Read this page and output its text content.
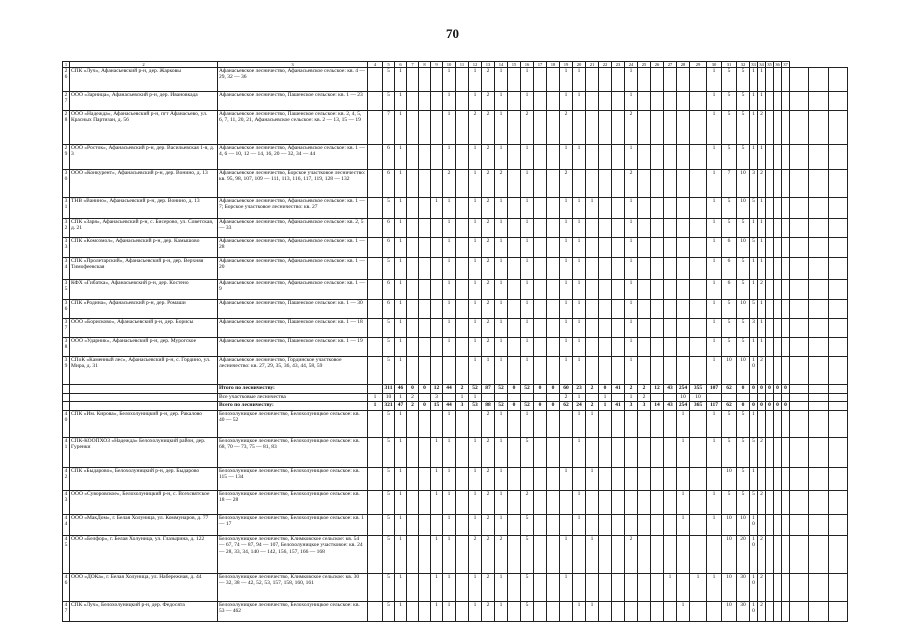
70
1	2	3	4	5	6	7	8	9	10	11	12	13	14	15	16	17	18	19	20	21	22	23	24	25	26	27	28	29	30	31	32	33	34	35	36	37			
26	СПК «Луч», Афанасьевский р-н, дер. Жарковы	Афанасьевское лесничество, Афанасьевское сельское: кв. 4 — 29, 32 — 36		5	1				1		1	2	1		1			1	1				1						1	5	5	1	1						
27	ООО «Зарница», Афанасьевский р-н, дер. Ивановкада	Афанасьевское лесничество, Пашенское сельское: кв. 1 — 23		5	1				1		1	2	1		1			1	1				1						1	5	5	1	1						
28	ООО «Надежда», Афанасьевский р-н, пгт Афанасьево, ул. Красных Партизан, д. 56	Афанасьевское лесничество, Пашенское сельское: кв. 2, 4, 5, 6, 7, 11, 20, 21, Афанасьевское сельское: кв. 2 — 13, 15 — 19		7	1				1		2	2	1		2			2					2						1	5	5	1	2						
29	ООО «Росток», Афанасьевский р-н, дер. Васильевская 1-я, д. 3	Афанасьевское лесничество, Афанасьевское сельское: кв. 1 — 4, 6 — 10, 12 — 14, 16, 20 — 32, 34 — 44		6	1				1		1	2	1		1			1	1				1						1	5	5	1	1						
30	ООО «Конкурент», Афанасьевский р-н, дер. Вонино, д. 13	Афанасьевское лесничество, Борское участковое лесничество: кв. 95, 98, 107, 109 — 111, 113, 116, 117, 119, 128 — 132		6	1				2		1	2	2		1			2					2						1	7	10	3	2						
31	ТНВ «Ванино», Афанасьевский р-н, дер. Вонино, д. 13	Афанасьевское лесничество, Афанасьевское сельское: кв. 1 — 7; Борское участковое лесничество: кв. 27		5	1			1	1		1	2	1		1			1	1	1			1						1	5	10	5	1						
32	СПК «Заря», Афанасьевский р-н, с. Бисерово, ул. Советская, д. 21	Афанасьевское лесничество, Афанасьевское сельское: кв. 2, 5 — 33		6	1				1		1	2	1		1			1	1				1						1	5	5	1	1						
33	СПК «Комсомол», Афанасьевский р-н, дер. Камышово	Афанасьевское лесничество, Афанасьевское сельское: кв. 1 — 28		6	1				1		1	2	1		1			1	1				1						1	6	10	5	1						
34	СПК «Пролетарский», Афанасьевский р-н, дер. Верхняя Тимофеевская	Афанасьевское лесничество, Афанасьевское сельское: кв. 1 — 20		5	1				1		1	2	1		1			1	1				1						1	6	5	1	1						
35	КФХ «Гибатка», Афанасьевский р-н, дер. Костено	Афанасьевское лесничество, Афанасьевское сельское: кв. 1 — 9		6	1				1		1	2	1		1			1	1				1						1	6	5	1	2						
36	СПК «Родина», Афанасьевский р-н, дер. Ромаши	Афанасьевское лесничество, Пашенское сельское: кв. 1 — 30		6	1				1		1	2	1		1			1	1				1						1	5	10	5	1						
37	ООО «Борисково», Афанасьевский р-н, дер. Борисы	Афанасьевское лесничество, Пашенское сельское: кв. 1 — 18		5	1				1		1	2	1		1			1	1				1						1	5	5	3	1						
38	ООО «Ударник», Афанасьевский р-н, дер. Мурогское	Афанасьевское лесничество, Пашенское сельское: кв. 1 — 19		5	1				1		1	2	1		1			1	1				1						1	5	5	1	1						
39	СПоК «Каменный лес», Афанасьевский р-н, с. Гордино, ул. Мира, д. 31	Афанасьевское лесничество, Гординское участковое лесничество: кв. 27, 29, 35, 36, 43, 44, 58, 59		5	1						1	1	1		1			1	1				1						1	10	10	10	2						
		Итого по лесничеству:		311	46	0	0	12	44	2	52	87	52	0	52	0	0	60	23	2	0	41	2	2	12	43	254	355	107	62	0	0	0	0	0	0			
		Все участковые лесничества	1	10	1	2		3		1	1							2	1		1		1	2			10	10											
		Всего по лесничеству:	1	321	47	2	0	15	44	3	53	88	52	0	52	0	0	62	24	2	1	41	3	3	14	43	254	365	117	62	0	0	0	0	0	0			
40	СПК «Им. Кирова», Белохолуницкий р-н, дер. Ракалово	Белохолуницкое лесничество, Белохолуницкое сельское: кв. 40 — 52		5	1				1			2	1		1				1	1							1		1	5	5	1							
41	СПК-КООПХОЗ «Надежда» Белохолуницкий район, дер. Гуренки	Белохолуницкое лесничество, Белохолуницкое сельское: кв. 68, 70 — 73, 75 — 81, 83		5	1			1	1		1	2	1		5				1								1		1	5	5	5	2						
42	СПК «Быдарово», Белохолуницкий р-н, дер. Быдарово	Белохолуницкое лесничество, Белохолуницкое сельское: кв. 115 — 134		5	1			1	1		1	2	1					1		1										10	5	1							
43	ООО «Суворовское», Белохолуницкий р-н, с. Всехсвятское	Белохолуницкое лесничество, Белохолуницкое сельское: кв. 18 — 28		5	1			1	1		1	2	1		2				1								1		1	5	5	5	2						
44	ООО «МакДом», г. Белая Холуница, ул. Коммунаров, д. 77	Белохолуницкое лесничество, Белохолуницкое сельское: кв. 1 — 17		5	1				1		1	2	1		5				1								1		1	10	10	10							
45	ООО «Белфор», г. Белая Холуница, ул. Глазырина, д. 122	Белохолуницкое лесничество, Климковское сельское: кв. 54 — 67, 74 — 87, 94 — 107, Белохолуницкое участковое: кв. 24 — 28, 33, 34, 140 — 142, 156, 157, 166 — 168		5	1			1	1		2	2	2		5			1		1			2							10	20	10	2						
46	ООО «ДОКа», г. Белая Холуница, ул. Набережная, д. 44	Белохолуницкое лесничество, Климковское сельское: кв. 30 — 32, 38 — 42, 52, 53, 157, 158, 160, 161		5	1			1	1		1	2	1		5			1								1		1	1	10	30	10	2						
47	СПК «Луч», Белохолуницкий р-н, дер. Федосята	Белохолуницкое лесничество, Белохолуницкое сельское: кв. 53 — 462		5	1			1	1		1	2	1		5				1	1							1			10	30	10	2						
